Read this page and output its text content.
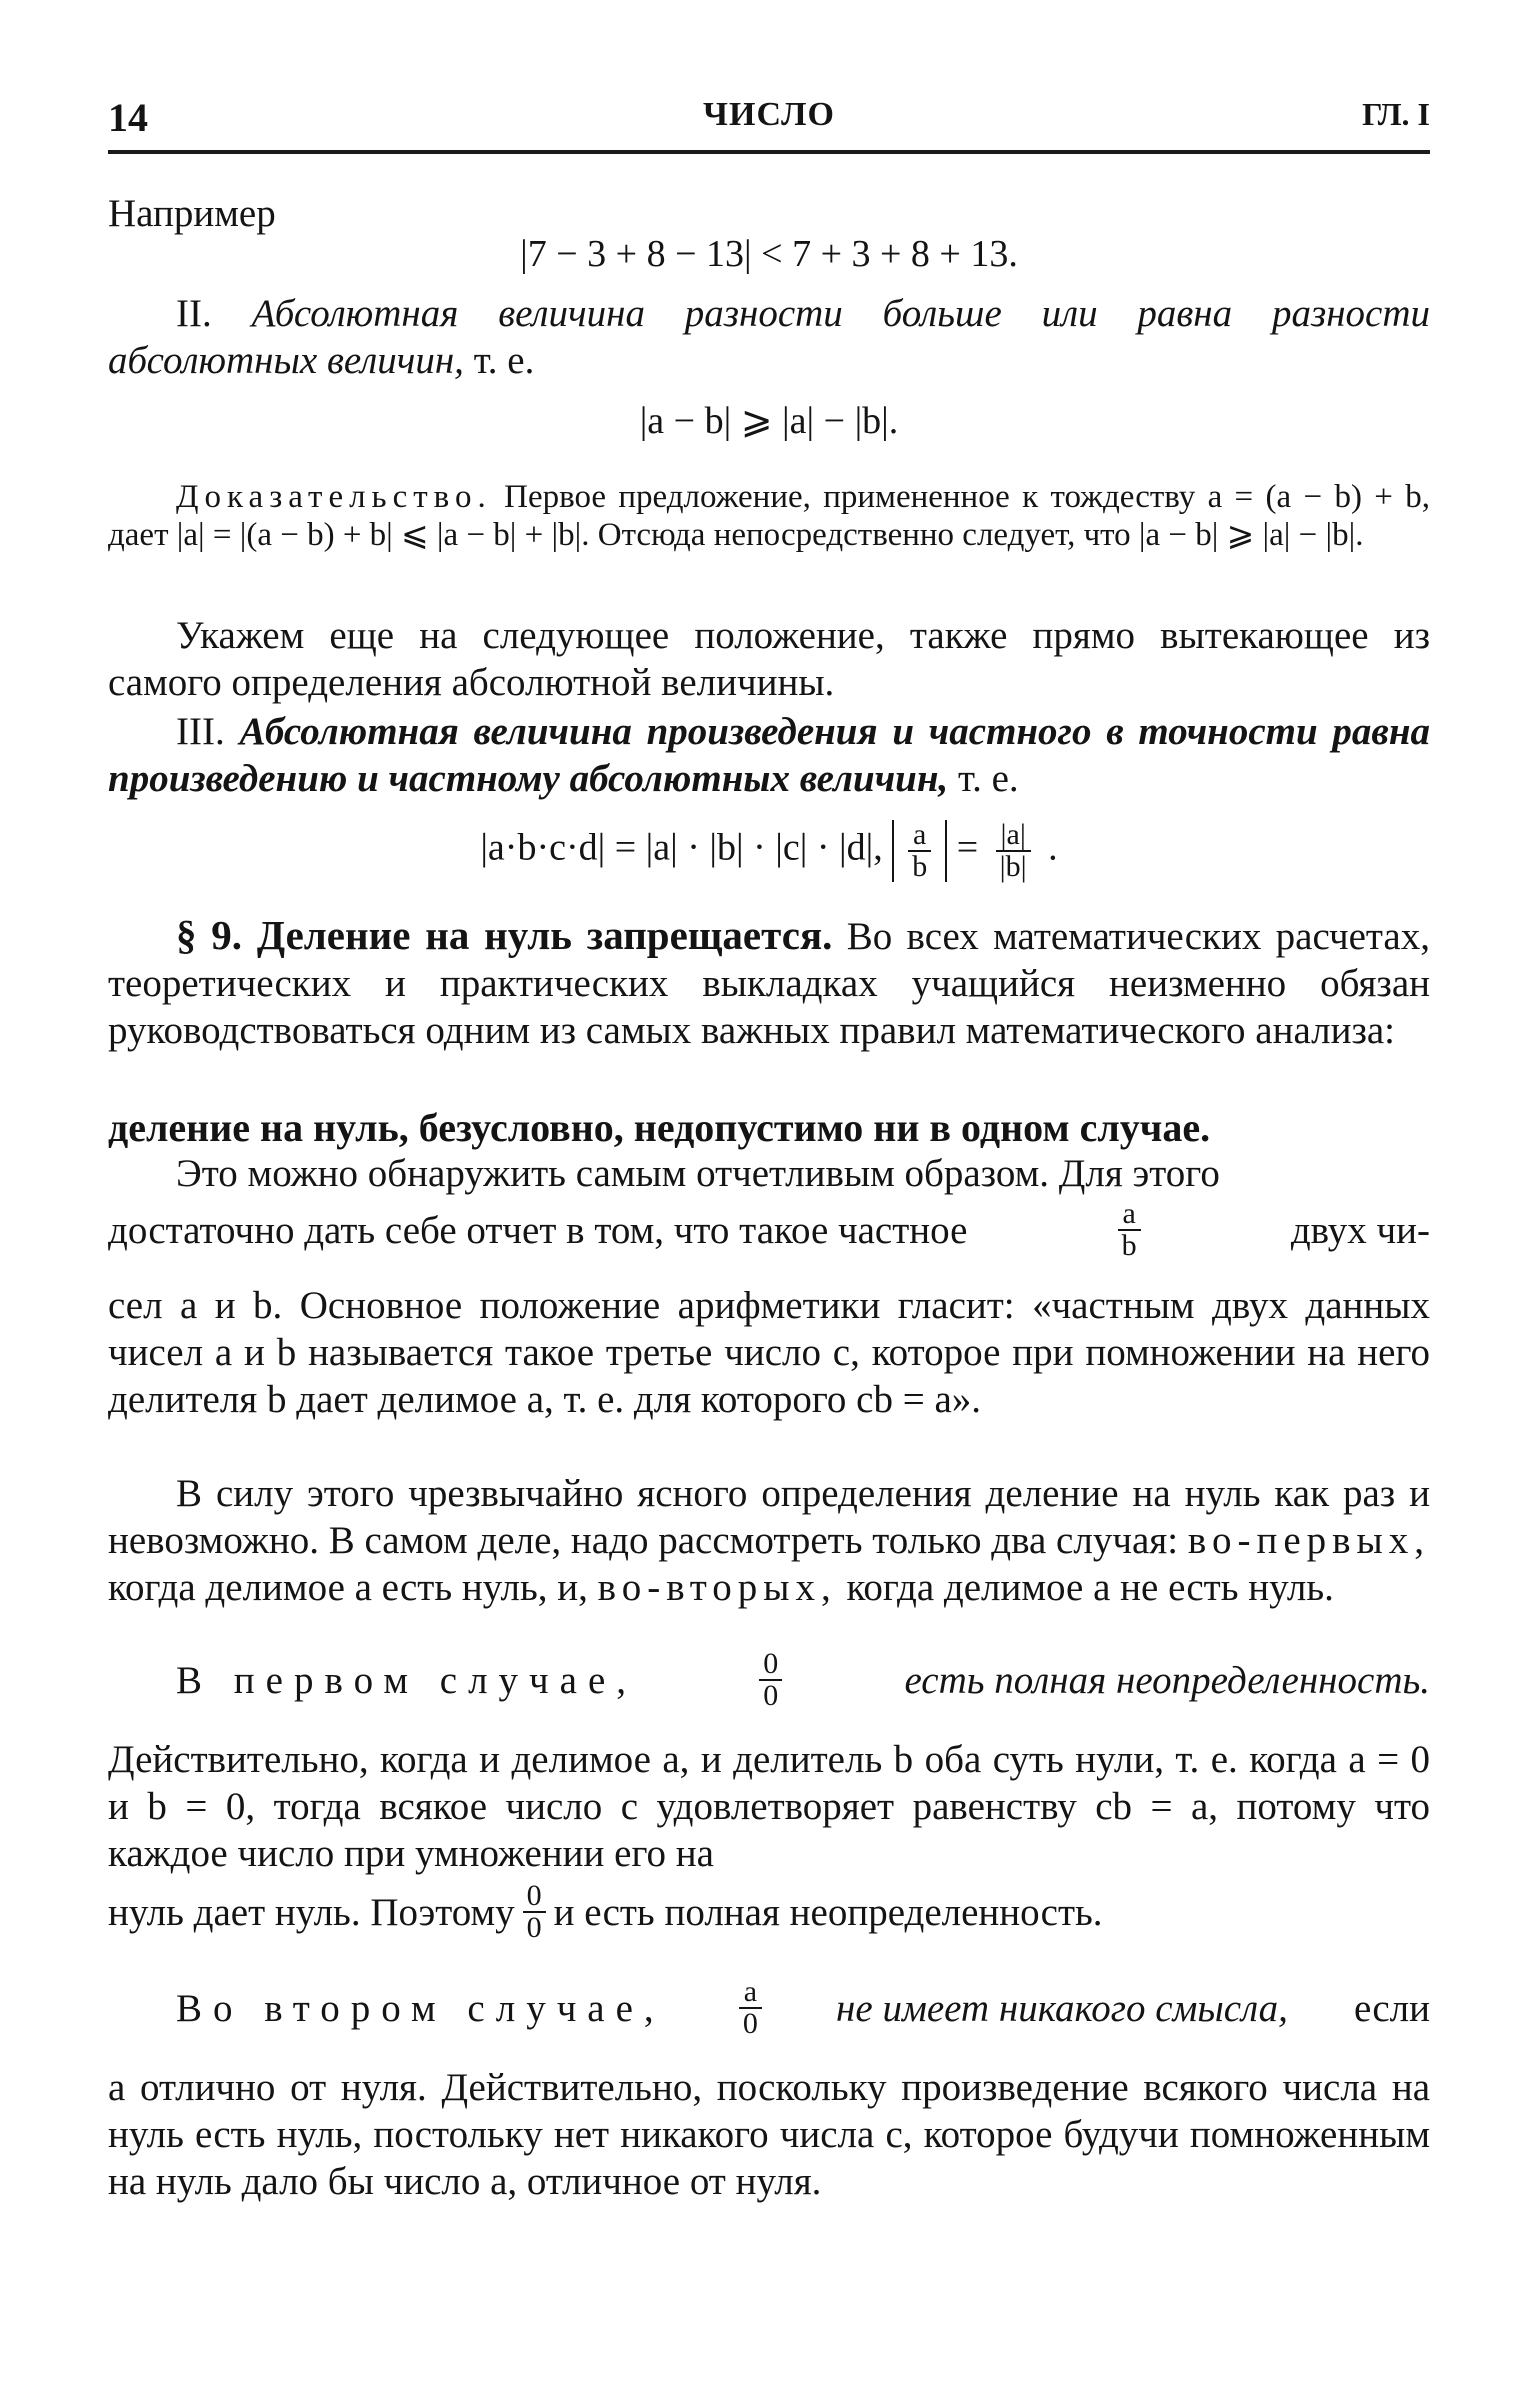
14	ЧИСЛО	ГЛ. I
Например
|7 − 3 + 8 − 13| < 7 + 3 + 8 + 13.
II. Абсолютная величина разности больше или равна разности абсолютных величин, т. е.
|a − b| ⩾ |a| − |b|.
Доказательство. Первое предложение, примененное к тождеству a = (a − b) + b, дает |a| = |(a − b) + b| ⩽ |a − b| + |b|. Отсюда непосредственно следует, что |a − b| ⩾ |a| − |b|.
Укажем еще на следующее положение, также прямо вытекающее из самого определения абсолютной величины.
III. Абсолютная величина произведения и частного в точности равна произведению и частному абсолютных величин, т. е.
|a·b·c·d| = |a| · |b| · |c| · |d|, $\frac{a}{b} = \frac{|a|}{|b|}$ .
§ 9. Деление на нуль запрещается. Во всех математических расчетах, теоретических и практических выкладках учащийся неизменно обязан руководствоваться одним из самых важных правил математического анализа:
деление на нуль, безусловно, недопустимо ни в одном случае.
Это можно обнаружить самым отчетливым образом. Для этого
достаточно дать себе отчет в том, что такое частное	$\frac{a}{b}$	двух чи-
сел a и b. Основное положение арифметики гласит: «частным двух данных чисел a и b называется такое третье число c, которое при помножении на него делителя b дает делимое a, т. е. для которого cb = a».
В силу этого чрезвычайно ясного определения деление на нуль как раз и невозможно. В самом деле, надо рассмотреть только два случая: во-первых, когда делимое a есть нуль, и, во-вторых, когда делимое a не есть нуль.
В первом случае,	$\frac{0}{0}$	есть полная неопределенность.
Действительно, когда и делимое a, и делитель b оба суть нули, т. е. когда a = 0 и b = 0, тогда всякое число c удовлетворяет равенству cb = a, потому что каждое число при умножении его на
нуль дает нуль. Поэтому $\frac{0}{0}$ и есть полная неопределенность.
Во втором случае, $\frac{a}{0}$ не имеет никакого смысла, если
a отлично от нуля. Действительно, поскольку произведение всякого числа на нуль есть нуль, постольку нет никакого числа c, которое будучи помноженным на нуль дало бы число a, отличное от нуля.
